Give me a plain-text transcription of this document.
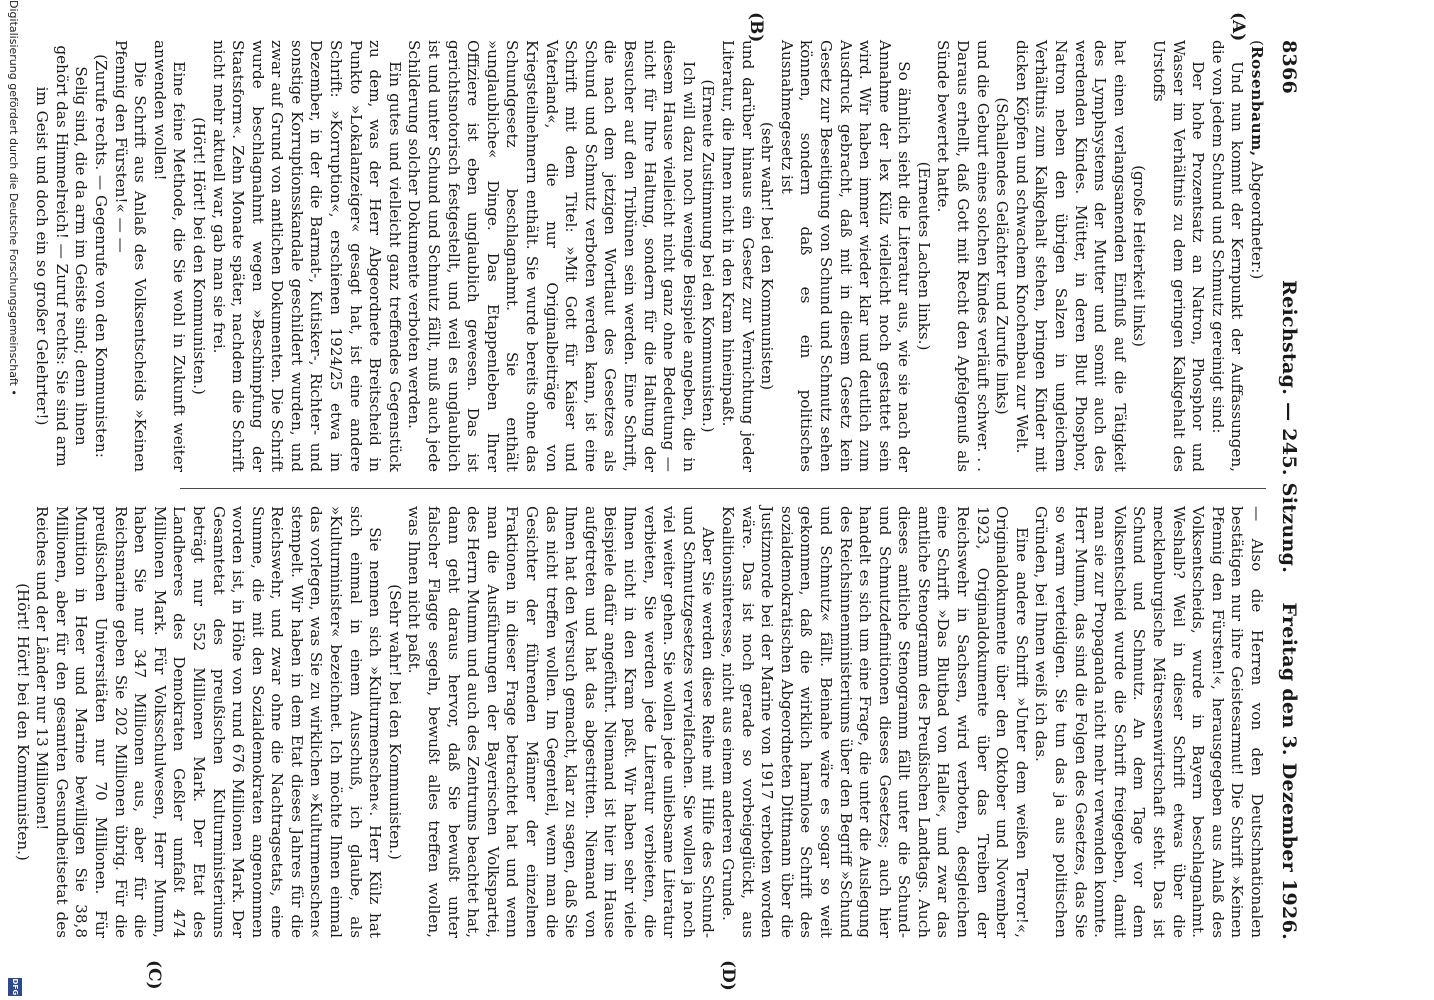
8366
Reichstag. — 245. Sitzung.
Freitag den 3. Dezember 1926.
(A)
(B)
(C)	(D)

(Rosenbaum, Abgeordneter:)

Und nun kommt der Kernpunkt der Auffassungen, die von jedem Schund und Schmutz gereinigt sind:

Der hohe Prozentsatz an Natron, Phosphor und Wasser im Verhältnis zu dem geringen Kalkgehalt des Urstoffs

(große Heiterkeit links)

hat einen verlangsamenden Einfluß auf die Tätigkeit des Lymphsystems der Mutter und somit auch des werdenden Kindes. Mütter, in deren Blut Phosphor, Natron neben den übrigen Salzen in ungleichem Verhältnis zum Kalkgehalt stehen, bringen Kinder mit dicken Köpfen und schwachem Knochenbau zur Welt.

(Schallendes Gelächter und Zurufe links)

und die Geburt eines solchen Kindes verläuft schwer. . . Daraus erhellt, daß Gott mit Recht den Apfelgenuß als Sünde bewertet hatte.

(Erneutes Lachen links.)

So ähnlich sieht die Literatur aus, wie sie nach der Annahme der lex Külz vielleicht noch gestattet sein wird. Wir haben immer wieder klar und deutlich zum Ausdruck gebracht, daß mit in diesem Gesetz kein Gesetz zur Beseitigung von Schund und Schmutz sehen können, sondern daß es ein politisches Ausnahmegesetz ist

(sehr wahr! bei den Kommunisten)

und darüber hinaus ein Gesetz zur Vernichtung jeder Literatur, die Ihnen nicht in den Kram hineinpaßt.

(Erneute Zustimmung bei den Kommunisten.)

Ich will dazu noch wenige Beispiele angeben, die in diesem Hause vielleicht nicht ganz ohne Bedeutung — nicht für Ihre Haltung, sondern für die Haltung der Besucher auf den Tribünen sein werden. Eine Schrift, die nach dem jetzigen Wortlaut des Gesetzes als Schund und Schmutz verboten werden kann, ist eine Schrift mit dem Titel: »Mit Gott für Kaiser und Vaterland«, die nur Originalbeiträge von Kriegsteilnehmern enthält. Sie wurde bereits ohne das Schundgesetz beschlagnahmt. Sie enthält »unglaubliche« Dinge. Das Etappenleben Ihrer Offiziere ist eben unglaublich gewesen. Das ist gerichtsnotorisch festgestellt, und weil es unglaublich ist und unter Schund und Schmutz fällt, muß auch jede Schilderung solcher Dokumente verboten werden.

Ein gutes und vielleicht ganz treffendes Gegenstück zu dem, was der Herr Abgeordnete Breitscheid in Punkto »Lokalanzeiger« gesagt hat, ist eine andere Schrift: »Korruption«, erschienen 1924/25 etwa im Dezember, in der die Barmat-, Kutisker-, Richter- und sonstige Korruptionsskandale geschildert wurden, und zwar auf Grund von amtlichen Dokumenten. Die Schrift wurde beschlagnahmt wegen »Beschimpfung der Staatsform«. Zehn Monate später, nachdem die Schrift nicht mehr aktuell war, gab man sie frei.

(Hört! Hört! bei den Kommunisten.)

Eine feine Methode, die Sie wohl in Zukunft weiter anwenden wollen!

Die Schrift aus Anlaß des Volksentscheids »Keinen Pfennig den Fürsten!« — —

(Zurufe rechts. — Gegenrufe von den Kommunisten: Selig sind, die da arm im Geiste sind; denn ihnen gehört das Himmelreich! — Zuruf rechts: Sie sind arm im Geist und doch ein so großer Gelehrter!)

— Also die Herren von den Deutschnationalen bestätigen nur ihre Geistesarmut! Die Schrift »Keinen Pfennig den Fürsten!«, herausgegeben aus Anlaß des Volksentscheids, wurde in Bayern beschlagnahmt. Weshalb? Weil in dieser Schrift etwas über die mecklenburgische Mätressenwirtschaft steht. Das ist Schund und Schmutz. An dem Tage vor dem Volksentscheid wurde die Schrift freigegeben, damit man sie zur Propaganda nicht mehr verwenden konnte. Herr Mumm, das sind die Folgen des Gesetzes, das Sie so warm verteidigen. Sie tun das ja aus politischen Gründen, bei Ihnen weiß ich das.

Eine andere Schrift »Unter dem weißen Terror!«, Originaldokumente über den Oktober und November 1923, Originaldokumente über das Treiben der Reichswehr in Sachsen, wird verboten, desgleichen eine Schrift »Das Blutbad von Halle«, und zwar das amtliche Stenogramm des Preußischen Landtags. Auch dieses amtliche Stenogramm fällt unter die Schund- und Schmutzdefinitionen dieses Gesetzes; auch hier handelt es sich um eine Frage, die unter die Auslegung des Reichsinnenministeriums über den Begriff »Schund und Schmutz« fällt. Beinahe wäre es sogar so weit gekommen, daß die wirklich harmlose Schrift des sozialdemokratischen Abgeordneten Dittmann über die Justizmorde bei der Marine von 1917 verboten worden wäre. Das ist noch gerade so vorbeigeglückt, aus Koalitionsinteresse, nicht aus einem anderen Grunde.

Aber Sie werden diese Reihe mit Hilfe des Schund- und Schmutzgesetzes vervielfachen. Sie wollen ja noch viel weiter gehen. Sie wollen jede unliebsame Literatur verbieten, Sie werden jede Literatur verbieten, die Ihnen nicht in den Kram paßt. Wir haben sehr viele Beispiele dafür angeführt. Niemand ist hier im Hause aufgetreten und hat das abgestritten. Niemand von Ihnen hat den Versuch gemacht, klar zu sagen, daß Sie das nicht treffen wollen. Im Gegenteil, wenn man die Gesichter der führenden Männer der einzelnen Fraktionen in dieser Frage betrachtet hat und wenn man die Ausführungen der Bayerischen Volkspartei, des Herrn Mumm und auch des Zentrums beachtet hat, dann geht daraus hervor, daß Sie bewußt unter falscher Flagge segeln, bewußt alles treffen wollen, was Ihnen nicht paßt.

(Sehr wahr! bei den Kommunisten.)

Sie nennen sich »Kulturmenschen«. Herr Külz hat sich einmal in einem Ausschuß, ich glaube, als »Kulturminister« bezeichnet. Ich möchte Ihnen einmal das vorlegen, was Sie zu wirklichen »Kulturmenschen« stempelt. Wir haben in dem Etat dieses Jahres für die Reichswehr, und zwar ohne die Nachtragsetats, eine Summe, die mit den Sozialdemokraten angenommen worden ist, in Höhe von rund 676 Millionen Mark. Der Gesamtetat des preußischen Kulturministeriums beträgt nur 552 Millionen Mark. Der Etat des Landheeres des Demokraten Geßler umfaßt 474 Millionen Mark. Für Volksschulwesen, Herr Mumm, haben Sie nur 347 Millionen aus, aber für die Reichsmarine geben Sie 202 Millionen übrig. Für die preußischen Universitäten nur 70 Millionen. Für Munition in Heer und Marine bewilligen Sie 38,8 Millionen, aber für den gesamten Gesundheitsetat des Reiches und der Länder nur 13 Millionen!

(Hört! Hört! bei den Kommunisten.)

Digitalisierung gefördert durch die Deutsche Forschungsgemeinschaft •
DFG
